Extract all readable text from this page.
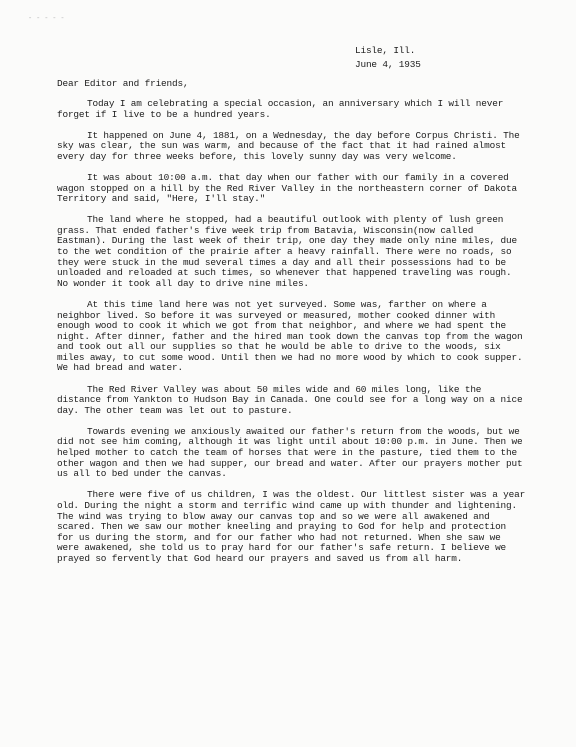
- - - - -
Lisle, Ill.
June 4, 1935
Dear Editor and friends,

Today I am celebrating a special occasion, an anniversary which I will never forget if I live to be a hundred years.

It happened on June 4, 1881, on a Wednesday, the day before Corpus Christi. The sky was clear, the sun was warm, and because of the fact that it had rained almost every day for three weeks before, this lovely sunny day was very welcome.

It was about 10:00 a.m. that day when our father with our family in a covered wagon stopped on a hill by the Red River Valley in the northeastern corner of Dakota Territory and said, "Here, I'll stay."

The land where he stopped, had a beautiful outlook with plenty of lush green grass. That ended father's five week trip from Batavia, Wisconsin(now called Eastman). During the last week of their trip, one day they made only nine miles, due to the wet condition of the prairie after a heavy rainfall. There were no roads, so they were stuck in the mud several times a day and all their possessions had to be unloaded and reloaded at such times, so whenever that happened traveling was rough. No wonder it took all day to drive nine miles.

At this time land here was not yet surveyed. Some was, farther on where a neighbor lived. So before it was surveyed or measured, mother cooked dinner with enough wood to cook it which we got from that neighbor, and where we had spent the night. After dinner, father and the hired man took down the canvas top from the wagon and took out all our supplies so that he would be able to drive to the woods, six miles away, to cut some wood. Until then we had no more wood by which to cook supper. We had bread and water.

The Red River Valley was about 50 miles wide and 60 miles long, like the distance from Yankton to Hudson Bay in Canada. One could see for a long way on a nice day. The other team was let out to pasture.

Towards evening we anxiously awaited our father's return from the woods, but we did not see him coming, although it was light until about 10:00 p.m. in June. Then we helped mother to catch the team of horses that were in the pasture, tied them to the other wagon and then we had supper, our bread and water. After our prayers mother put us all to bed under the canvas.

There were five of us children, I was the oldest. Our littlest sister was a year old. During the night a storm and terrific wind came up with thunder and lightening. The wind was trying to blow away our canvas top and so we were all awakened and scared. Then we saw our mother kneeling and praying to God for help and protection for us during the storm, and for our father who had not returned. When she saw we were awakened, she told us to pray hard for our father's safe return. I believe we prayed so fervently that God heard our prayers and saved us from all harm.
